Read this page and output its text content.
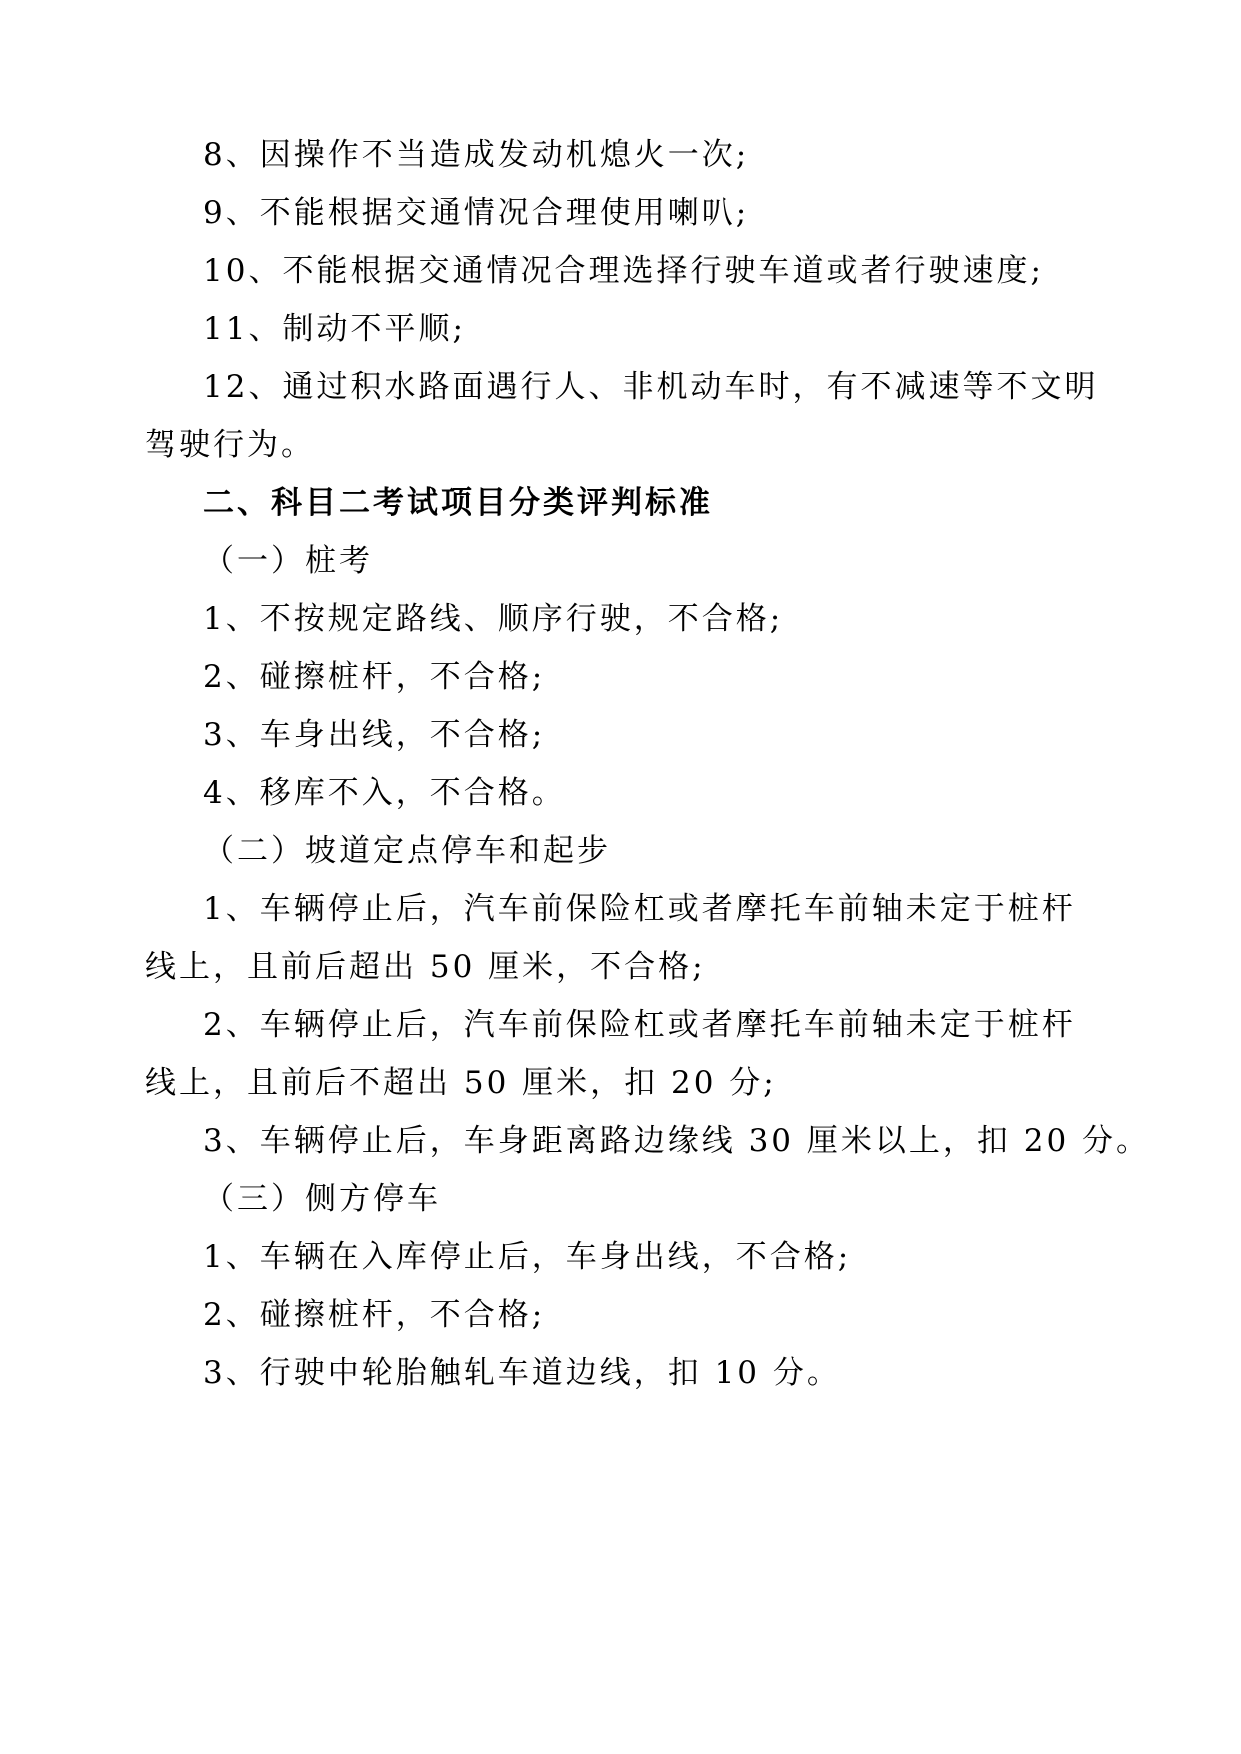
8、因操作不当造成发动机熄火一次;
9、不能根据交通情况合理使用喇叭;
10、不能根据交通情况合理选择行驶车道或者行驶速度;
11、制动不平顺;
12、通过积水路面遇行人、非机动车时，有不减速等不文明
驾驶行为。
二、科目二考试项目分类评判标准
（一）桩考
1、不按规定路线、顺序行驶，不合格;
2、碰擦桩杆，不合格;
3、车身出线，不合格;
4、移库不入，不合格。
（二）坡道定点停车和起步
1、车辆停止后，汽车前保险杠或者摩托车前轴未定于桩杆
线上，且前后超出 50 厘米，不合格;
2、车辆停止后，汽车前保险杠或者摩托车前轴未定于桩杆
线上，且前后不超出 50 厘米，扣 20 分;
3、车辆停止后，车身距离路边缘线 30 厘米以上，扣 20 分。
（三）侧方停车
1、车辆在入库停止后，车身出线，不合格;
2、碰擦桩杆，不合格;
3、行驶中轮胎触轧车道边线，扣 10 分。
